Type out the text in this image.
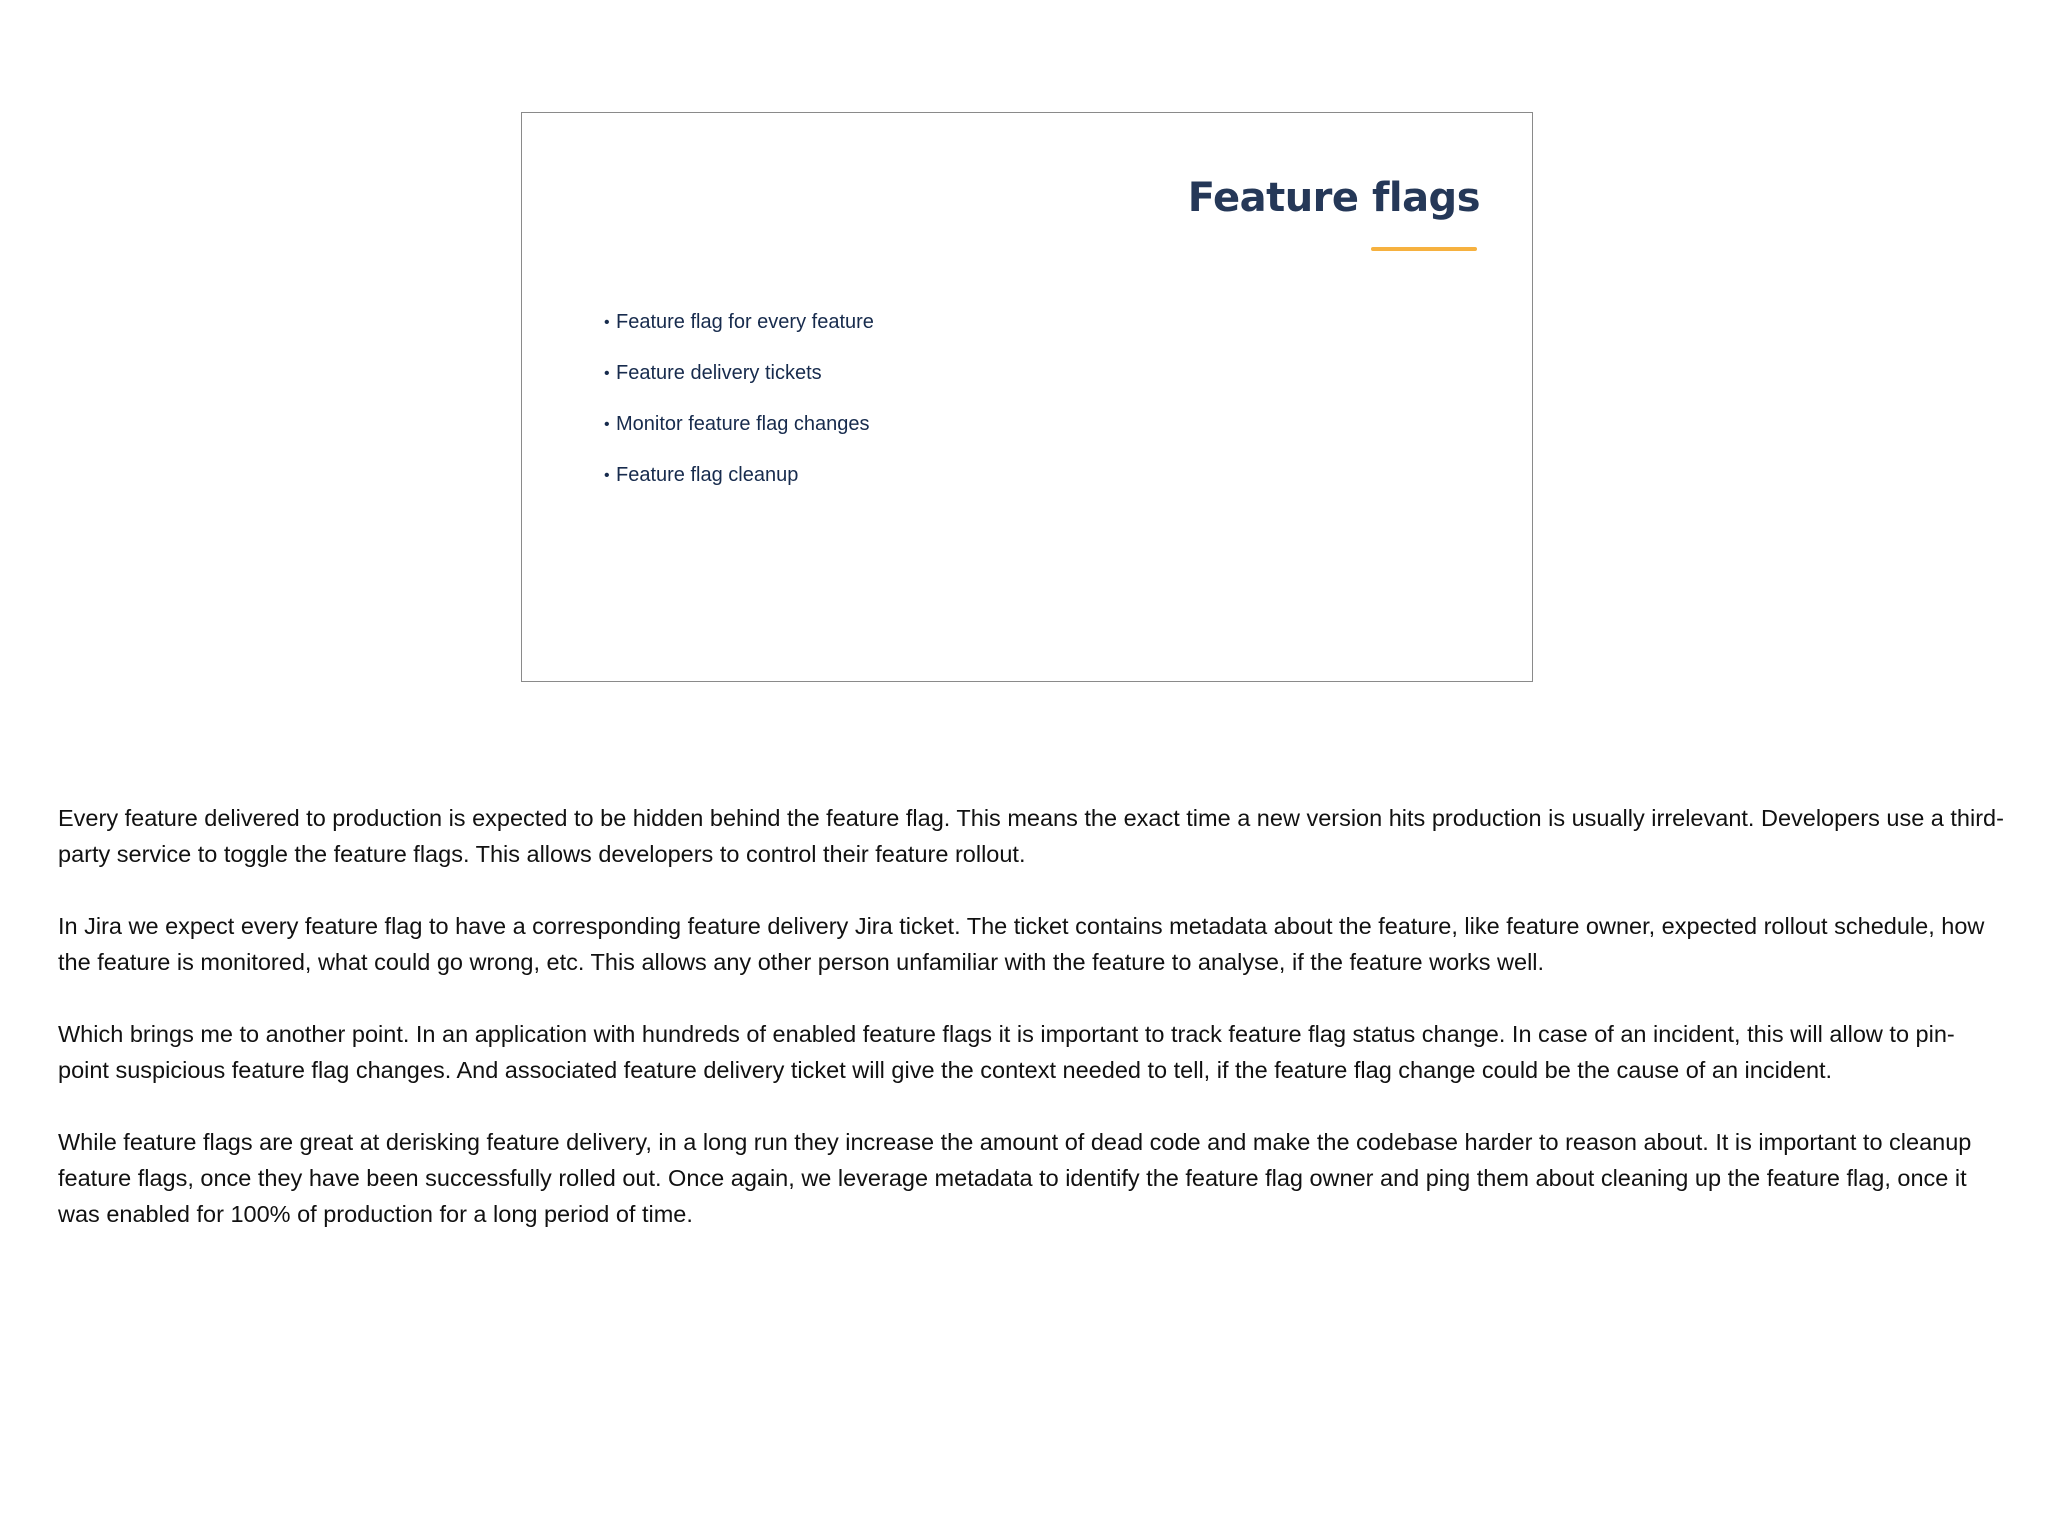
Feature flags
• Feature flag for every feature
• Feature delivery tickets
• Monitor feature flag changes
• Feature flag cleanup

Every feature delivered to production is expected to be hidden behind the feature flag. This means the exact time a new version hits production is usually irrelevant. Developers use a third-party service to toggle the feature flags. This allows developers to control their feature rollout.

In Jira we expect every feature flag to have a corresponding feature delivery Jira ticket. The ticket contains metadata about the feature, like feature owner, expected rollout schedule, how the feature is monitored, what could go wrong, etc. This allows any other person unfamiliar with the feature to analyse, if the feature works well.

Which brings me to another point. In an application with hundreds of enabled feature flags it is important to track feature flag status change. In case of an incident, this will allow to pin-point suspicious feature flag changes. And associated feature delivery ticket will give the context needed to tell, if the feature flag change could be the cause of an incident.

While feature flags are great at derisking feature delivery, in a long run they increase the amount of dead code and make the codebase harder to reason about. It is important to cleanup feature flags, once they have been successfully rolled out. Once again, we leverage metadata to identify the feature flag owner and ping them about cleaning up the feature flag, once it was enabled for 100% of production for a long period of time.
